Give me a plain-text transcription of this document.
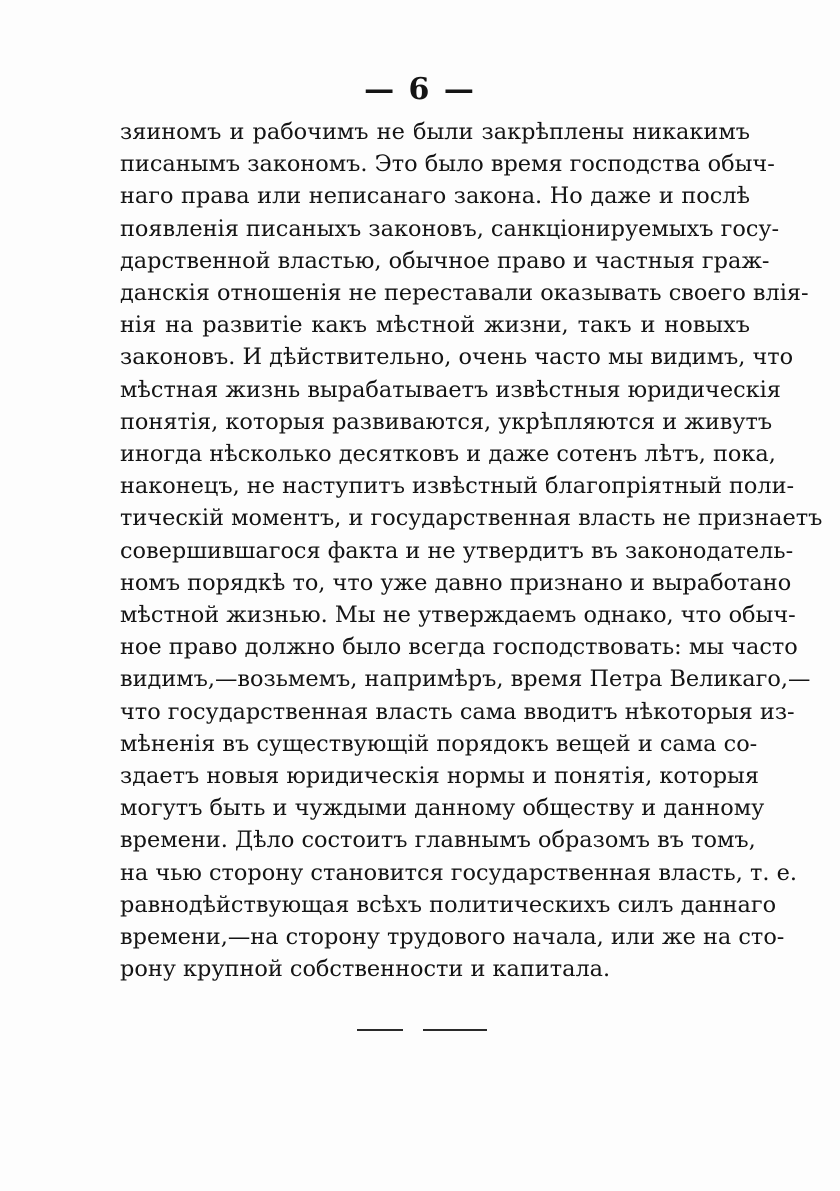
— 6 —
зяиномъ и рабочимъ не были закрѣплены никакимъ
писанымъ закономъ. Это было время господства обыч-
наго права или неписанаго закона. Но даже и послѣ
появленія писаныхъ законовъ, санкціонируемыхъ госу-
дарственной властью, обычное право и частныя граж-
данскія отношенія не переставали оказывать своего влія-
нія на развитіе какъ мѣстной жизни, такъ и новыхъ
законовъ. И дѣйствительно, очень часто мы видимъ, что
мѣстная жизнь вырабатываетъ извѣстныя юридическія
понятія, которыя развиваются, укрѣпляются и живутъ
иногда нѣсколько десятковъ и даже сотенъ лѣтъ, пока,
наконецъ, не наступитъ извѣстный благопріятный поли-
тическій моментъ, и государственная власть не признаетъ
совершившагося факта и не утвердитъ въ законодатель-
номъ порядкѣ то, что уже давно признано и выработано
мѣстной жизнью. Мы не утверждаемъ однако, что обыч-
ное право должно было всегда господствовать: мы часто
видимъ,—возьмемъ, напримѣръ, время Петра Великаго,—
что государственная власть сама вводитъ нѣкоторыя из-
мѣненія въ существующій порядокъ вещей и сама со-
здаетъ новыя юридическія нормы и понятія, которыя
могутъ быть и чуждыми данному обществу и данному
времени. Дѣло состоитъ главнымъ образомъ въ томъ,
на чью сторону становится государственная власть, т. е.
равнодѣйствующая всѣхъ политическихъ силъ даннаго
времени,—на сторону трудового начала, или же на сто-
рону крупной собственности и капитала.
